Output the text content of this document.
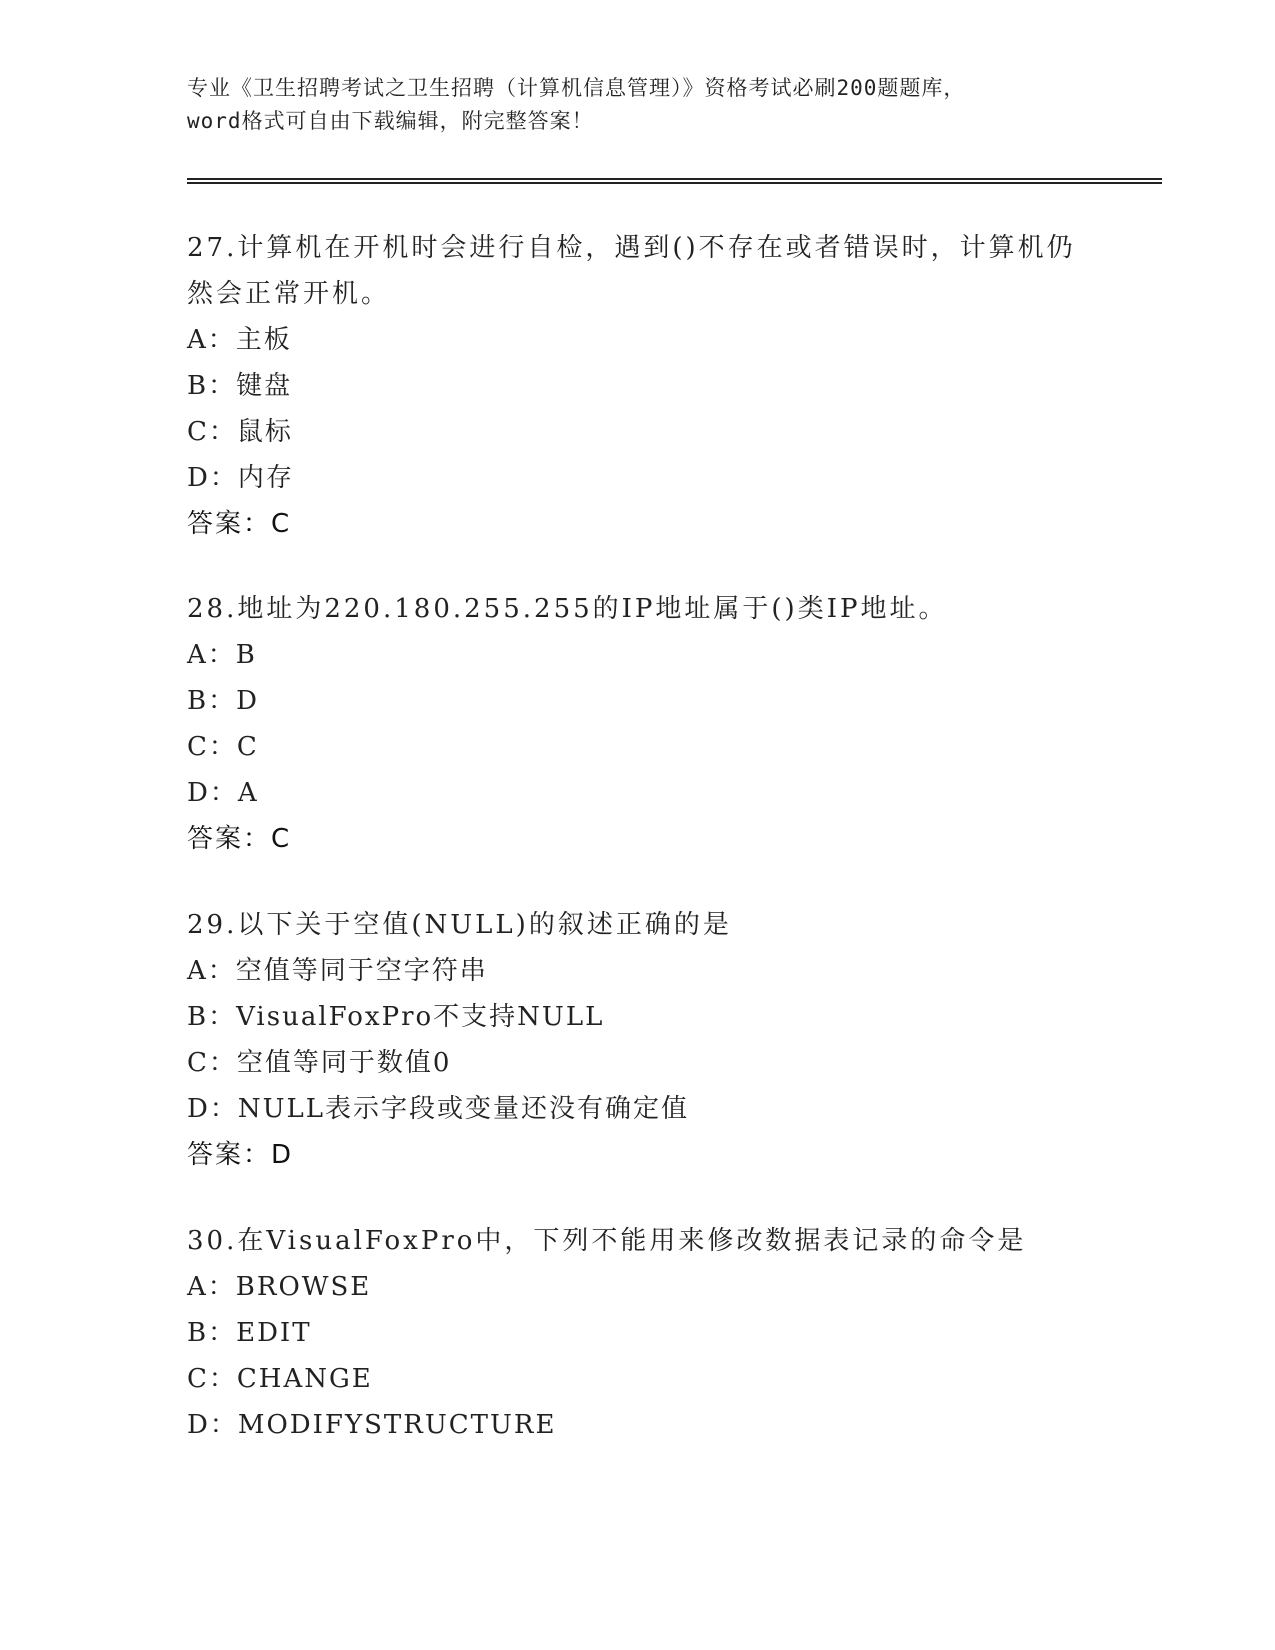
专业《卫生招聘考试之卫生招聘（计算机信息管理）》资格考试必刷200题题库，
word格式可自由下载编辑，附完整答案！
27.计算机在开机时会进行自检，遇到()不存在或者错误时，计算机仍
然会正常开机。
A：主板
B：键盘
C：鼠标
D：内存
答案：C
28.地址为220.180.255.255的IP地址属于()类IP地址。
A：B
B：D
C：C
D：A
答案：C
29.以下关于空值(NULL)的叙述正确的是
A：空值等同于空字符串
B：VisualFoxPro不支持NULL
C：空值等同于数值0
D：NULL表示字段或变量还没有确定值
答案：D
30.在VisualFoxPro中，下列不能用来修改数据表记录的命令是
A：BROWSE
B：EDIT
C：CHANGE
D：MODIFYSTRUCTURE
